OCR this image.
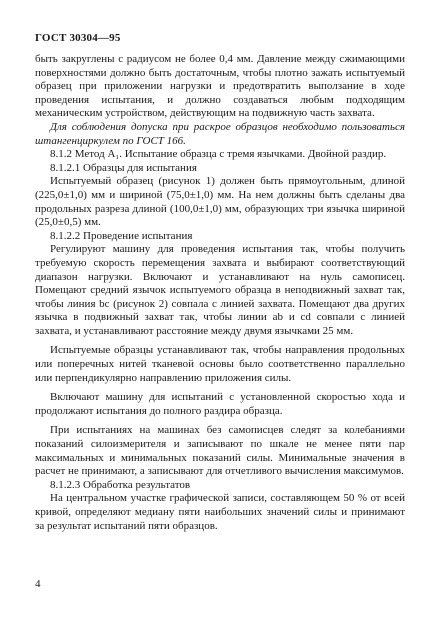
ГОСТ 30304—95

быть закруглены с радиусом не более 0,4 мм. Давление между сжимающими поверхностями должно быть достаточным, чтобы плотно зажать испытуемый образец при приложении нагрузки и предотвратить выползание в ходе проведения испытания, и должно создаваться любым подходящим механическим устройством, действующим на подвижную часть захвата.

Для соблюдения допуска при раскрое образцов необходимо пользоваться штангенциркулем по ГОСТ 166.

8.1.2 Метод A₁. Испытание образца с тремя язычками. Двойной раздир.

8.1.2.1 Образцы для испытания

Испытуемый образец (рисунок 1) должен быть прямоугольным, длиной (225,0±1,0) мм и шириной (75,0±1,0) мм. На нем должны быть сделаны два продольных разреза длиной (100,0±1,0) мм, образующих три язычка шириной (25,0±0,5) мм.

8.1.2.2 Проведение испытания

Регулируют машину для проведения испытания так, чтобы получить требуемую скорость перемещения захвата и выбирают соответствующий диапазон нагрузки. Включают и устанавливают на нуль самописец. Помещают средний язычок испытуемого образца в неподвижный захват так, чтобы линия bc (рисунок 2) совпала с линией захвата. Помещают два других язычка в подвижный захват так, чтобы линии ab и cd совпали с линией захвата, и устанавливают расстояние между двумя язычками 25 мм.

Испытуемые образцы устанавливают так, чтобы направления продольных или поперечных нитей тканевой основы было соответственно параллельно или перпендикулярно направлению приложения силы.

Включают машину для испытаний с установленной скоростью хода и продолжают испытания до полного раздира образца.

При испытаниях на машинах без самописцев следят за колебаниями показаний силоизмерителя и записывают по шкале не менее пяти пар максимальных и минимальных показаний силы. Минимальные значения в расчет не принимают, а записывают для отчетливого вычисления максимумов.

8.1.2.3 Обработка результатов

На центральном участке графической записи, составляющем 50 % от всей кривой, определяют медиану пяти наибольших значений силы и принимают за результат испытаний пяти образцов.

4
